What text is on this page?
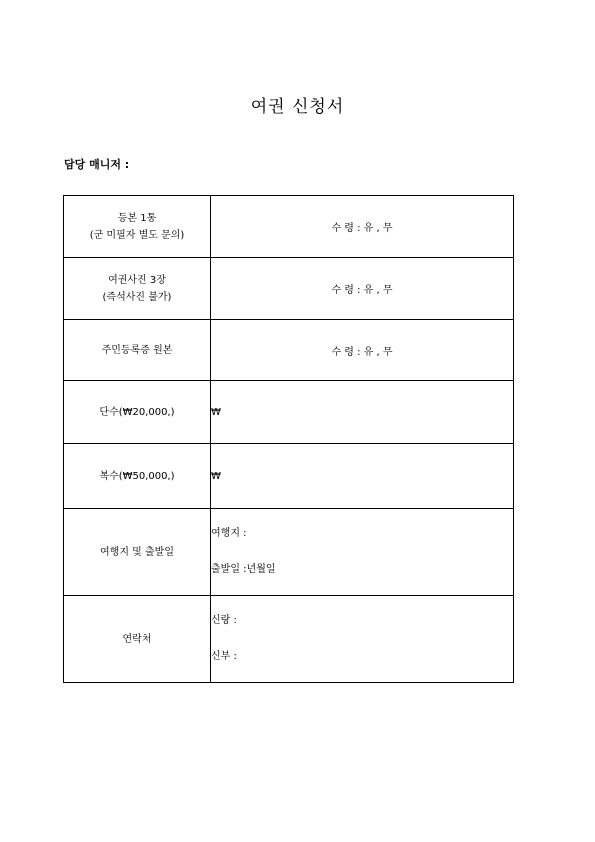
여권 신청서
담당 매니저 :
등본 1통
(군 미필자 별도 문의)	수 령 : 유 , 무
여권사진 3장
(즉석사진 불가)	수 령 : 유 , 무
주민등록증 원본	수 령 : 유 , 무
단수(₩20,000,)	₩
복수(₩50,000,)	₩
여행지 및 출발일	여행지 :
출발일 :년월일

연락처	신랑 :
신부 :
